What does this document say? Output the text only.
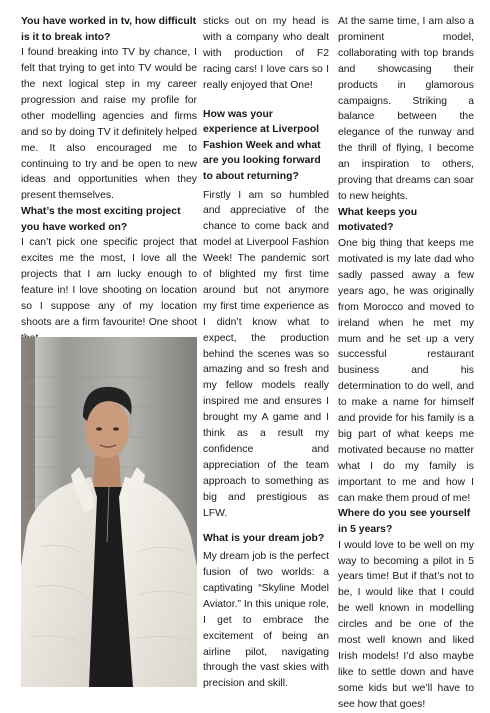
You have worked in tv, how difficult is it to break into?

I found breaking into TV by chance, I felt that trying to get into TV would be the next logical step in my career progression and raise my profile for other modelling agencies and firms and so by doing TV it definitely helped me. It also encouraged me to continuing to try and be open to new ideas and opportunities when they present themselves.

What’s the most exciting project you have worked on?

I can’t pick one specific project that excites me the most, I love all the projects that I am lucky enough to feature in! I love shooting on location so I suppose any of my location shoots are a firm favourite! One shoot

sticks out on my head is with a company who dealt with production of F2 racing cars! I love cars so I really enjoyed that One!

How was your experience at Liverpool Fashion Week and what are you looking forward to about returning?

Firstly I am so humbled and appreciative of the chance to come back and model at Liverpool Fashion Week! The pandemic sort of blighted my first time around but not anymore my first time experience as I didn’t know what to expect, the production behind the scenes was so amazing and so fresh and my fellow models really inspired me and ensures I brought my A game and I think as a result my confidence and appreciation of the team approach to something as big and prestigious as LFW.

What is your dream job?

My dream job is the perfect fusion of two worlds: a captivating “Skyline Model Aviator.” In this unique role, I get to embrace the excitement of being an airline pilot, navigating through the vast skies with precision and skill.

At the same time, I am also a prominent model, collaborating with top brands and showcasing their products in glamorous campaigns. Striking a balance between the elegance of the runway and the thrill of flying, I become an inspiration to others, proving that dreams can soar to new heights.

What keeps you motivated?

One big thing that keeps me motivated is my late dad who sadly passed away a few years ago, he was originally from Morocco and moved to ireland when he met my mum and he set up a very successful restaurant business and his determination to do well, and to make a name for himself and provide for his family is a big part of what keeps me motivated because no matter what I do my family is important to me and how I can make them proud of me!

Where do you see yourself in 5 years?

I would love to be well on my way to becoming a pilot in 5 years time! But if that’s not to be, I would like that I could be well known in modelling circles and be one of the most well known and liked Irish models! I’d also maybe like to settle down and have some kids but we’ll have to see how that goes!
